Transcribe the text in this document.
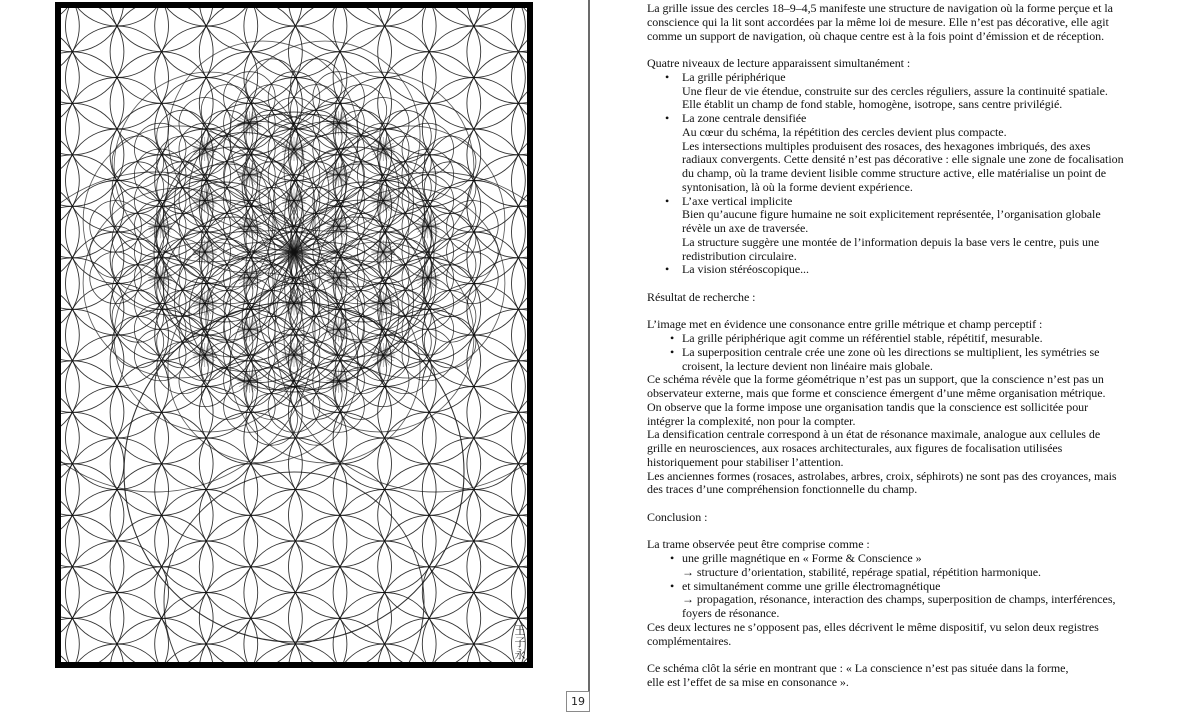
王
子
永
19

La grille issue des cercles 18–9–4,5 manifeste une structure de navigation où la forme perçue et la conscience qui la lit sont accordées par la même loi de mesure. Elle n’est pas décorative, elle agit comme un support de navigation, où chaque centre est à la fois point d’émission et de réception.

Quatre niveaux de lecture apparaissent simultanément :

• La grille périphérique
Une fleur de vie étendue, construite sur des cercles réguliers, assure la continuité spatiale.
Elle établit un champ de fond stable, homogène, isotrope, sans centre privilégié.
• La zone centrale densifiée
Au cœur du schéma, la répétition des cercles devient plus compacte.
Les intersections multiples produisent des rosaces, des hexagones imbriqués, des axes radiaux convergents. Cette densité n’est pas décorative : elle signale une zone de focalisation du champ, où la trame devient lisible comme structure active, elle matérialise un point de syntonisation, là où la forme devient expérience.
• L’axe vertical implicite
Bien qu’aucune figure humaine ne soit explicitement représentée, l’organisation globale révèle un axe de traversée.
La structure suggère une montée de l’information depuis la base vers le centre, puis une redistribution circulaire.
• La vision stéréoscopique...

Résultat de recherche :

L’image met en évidence une consonance entre grille métrique et champ perceptif :

• La grille périphérique agit comme un référentiel stable, répétitif, mesurable.
• La superposition centrale crée une zone où les directions se multiplient, les symétries se croisent, la lecture devient non linéaire mais globale.

Ce schéma révèle que la forme géométrique n’est pas un support, que la conscience n’est pas un observateur externe, mais que forme et conscience émergent d’une même organisation métrique.

On observe que la forme impose une organisation tandis que la conscience est sollicitée pour intégrer la complexité, non pour la compter.

La densification centrale correspond à un état de résonance maximale, analogue aux cellules de grille en neurosciences, aux rosaces architecturales, aux figures de focalisation utilisées historiquement pour stabiliser l’attention.

Les anciennes formes (rosaces, astrolabes, arbres, croix, séphirots) ne sont pas des croyances, mais des traces d’une compréhension fonctionnelle du champ.

Conclusion :

La trame observée peut être comprise comme :

• une grille magnétique en « Forme & Conscience »
→ structure d’orientation, stabilité, repérage spatial, répétition harmonique.
• et simultanément comme une grille électromagnétique
→ propagation, résonance, interaction des champs, superposition de champs, interférences, foyers de résonance.

Ces deux lectures ne s’opposent pas, elles décrivent le même dispositif, vu selon deux registres complémentaires.

Ce schéma clôt la série en montrant que : « La conscience n’est pas située dans la forme,

elle est l’effet de sa mise en consonance ».
